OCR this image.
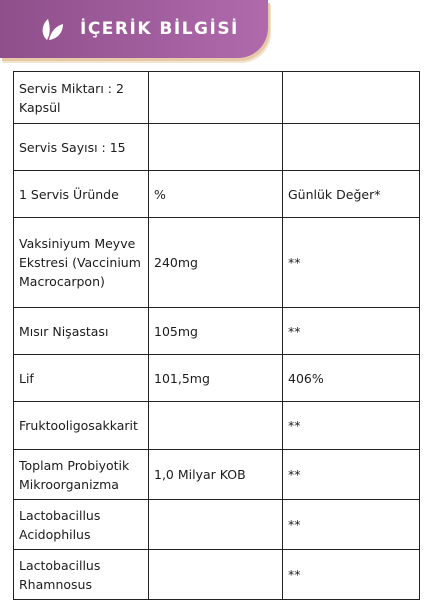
İÇERİK BİLGİSİ
Servis Miktarı : 2 Kapsül		
Servis Sayısı : 15		
1 Servis Üründe	%	Günlük Değer*
Vaksiniyum Meyve Ekstresi (Vaccinium Macrocarpon)	240mg	**
Mısır Nişastası	105mg	**
Lif	101,5mg	406%
Fruktooligosakkarit		**
Toplam Probiyotik Mikroorganizma	1,0 Milyar KOB	**
Lactobacillus Acidophilus		**
Lactobacillus Rhamnosus		**
